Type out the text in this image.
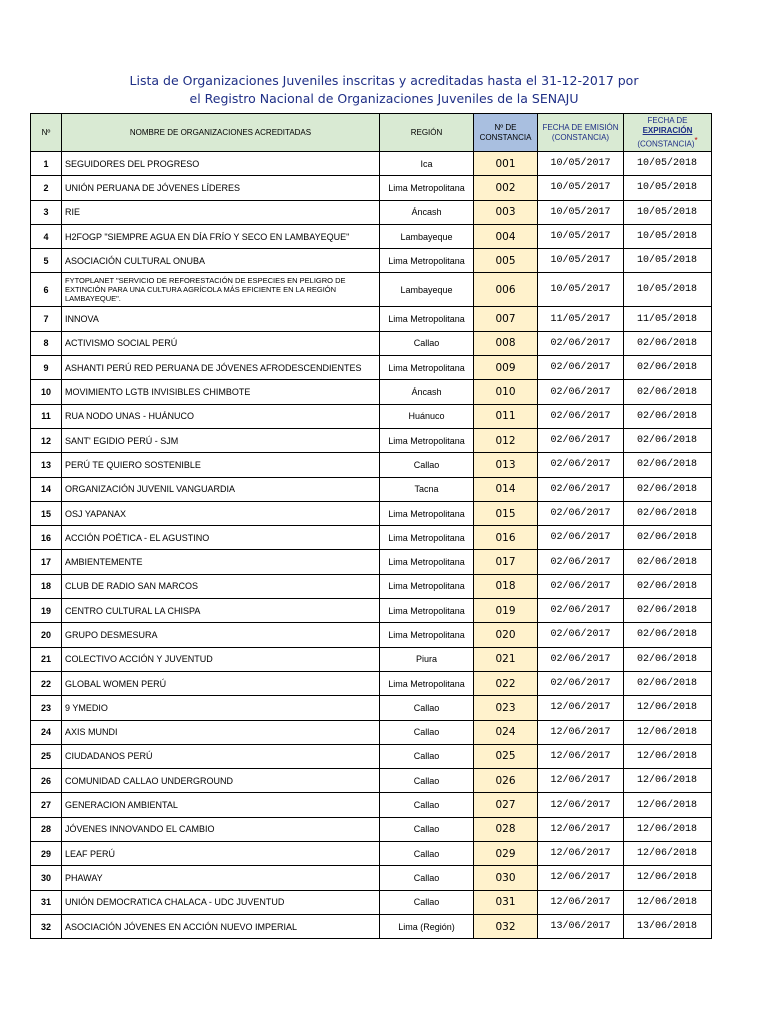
Lista de Organizaciones Juveniles inscritas y acreditadas hasta el 31-12-2017 por
el Registro Nacional de Organizaciones Juveniles de la SENAJU
Nº	NOMBRE DE ORGANIZACIONES ACREDITADAS	REGIÓN	Nº DE CONSTANCIA	FECHA DE EMISIÓN (CONSTANCIA)	FECHA DE
EXPIRACIÓN
(CONSTANCIA)*

1	SEGUIDORES DEL PROGRESO	Ica	001	10/05/2017	10/05/2018
2	UNIÓN PERUANA DE JÓVENES LÍDERES	Lima Metropolitana	002	10/05/2017	10/05/2018
3	RIE	Áncash	003	10/05/2017	10/05/2018
4	H2FOGP "SIEMPRE AGUA EN DÍA FRÍO Y SECO EN LAMBAYEQUE"	Lambayeque	004	10/05/2017	10/05/2018
5	ASOCIACIÓN CULTURAL ONUBA	Lima Metropolitana	005	10/05/2017	10/05/2018
6	FYTOPLANET "SERVICIO DE REFORESTACIÓN DE ESPECIES EN PELIGRO DE EXTINCIÓN PARA UNA CULTURA AGRÍCOLA MÁS EFICIENTE EN LA REGIÓN LAMBAYEQUE".	Lambayeque	006	10/05/2017	10/05/2018
7	INNOVA	Lima Metropolitana	007	11/05/2017	11/05/2018
8	ACTIVISMO SOCIAL PERÚ	Callao	008	02/06/2017	02/06/2018
9	ASHANTI PERÚ RED PERUANA DE JÓVENES AFRODESCENDIENTES	Lima Metropolitana	009	02/06/2017	02/06/2018
10	MOVIMIENTO LGTB INVISIBLES CHIMBOTE	Áncash	010	02/06/2017	02/06/2018
11	RUA NODO UNAS - HUÁNUCO	Huánuco	011	02/06/2017	02/06/2018
12	SANT' EGIDIO PERÚ - SJM	Lima Metropolitana	012	02/06/2017	02/06/2018
13	PERÚ TE QUIERO SOSTENIBLE	Callao	013	02/06/2017	02/06/2018
14	ORGANIZACIÓN JUVENIL VANGUARDIA	Tacna	014	02/06/2017	02/06/2018
15	OSJ YAPANAX	Lima Metropolitana	015	02/06/2017	02/06/2018
16	ACCIÓN POÉTICA - EL AGUSTINO	Lima Metropolitana	016	02/06/2017	02/06/2018
17	AMBIENTEMENTE	Lima Metropolitana	017	02/06/2017	02/06/2018
18	CLUB DE RADIO SAN MARCOS	Lima Metropolitana	018	02/06/2017	02/06/2018
19	CENTRO CULTURAL LA CHISPA	Lima Metropolitana	019	02/06/2017	02/06/2018
20	GRUPO DESMESURA	Lima Metropolitana	020	02/06/2017	02/06/2018
21	COLECTIVO ACCIÓN Y JUVENTUD	Piura	021	02/06/2017	02/06/2018
22	GLOBAL WOMEN PERÚ	Lima Metropolitana	022	02/06/2017	02/06/2018
23	9 YMEDIO	Callao	023	12/06/2017	12/06/2018
24	AXIS MUNDI	Callao	024	12/06/2017	12/06/2018
25	CIUDADANOS PERÚ	Callao	025	12/06/2017	12/06/2018
26	COMUNIDAD CALLAO UNDERGROUND	Callao	026	12/06/2017	12/06/2018
27	GENERACION AMBIENTAL	Callao	027	12/06/2017	12/06/2018
28	JÓVENES INNOVANDO EL CAMBIO	Callao	028	12/06/2017	12/06/2018
29	LEAF PERÚ	Callao	029	12/06/2017	12/06/2018
30	PHAWAY	Callao	030	12/06/2017	12/06/2018
31	UNIÓN DEMOCRATICA CHALACA - UDC JUVENTUD	Callao	031	12/06/2017	12/06/2018
32	ASOCIACIÓN JÓVENES EN ACCIÓN NUEVO IMPERIAL	Lima (Región)	032	13/06/2017	13/06/2018
